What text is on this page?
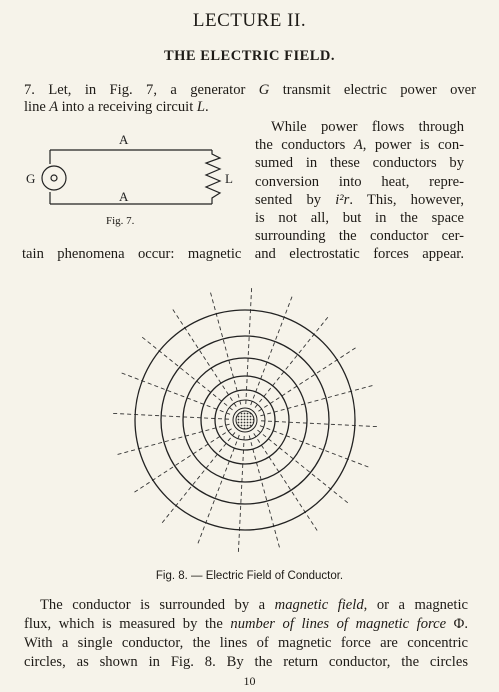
LECTURE II.
THE ELECTRIC FIELD.
7. Let, in Fig. 7, a generator G transmit electric power over
line A into a receiving circuit L.
A
A
G	L
Fig. 7.
While power flows through
the conductors A, power is con-
sumed in these conductors by
conversion into heat, repre-
sented by i²r. This, however,
is not all, but in the space
surrounding the conductor cer-
tain phenomena occur: magnetic and electrostatic forces appear.
Fig. 8. — Electric Field of Conductor.
The conductor is surrounded by a magnetic field, or a magnetic
flux, which is measured by the number of lines of magnetic force Φ.
With a single conductor, the lines of magnetic force are concentric
circles, as shown in Fig. 8. By the return conductor, the circles
10
